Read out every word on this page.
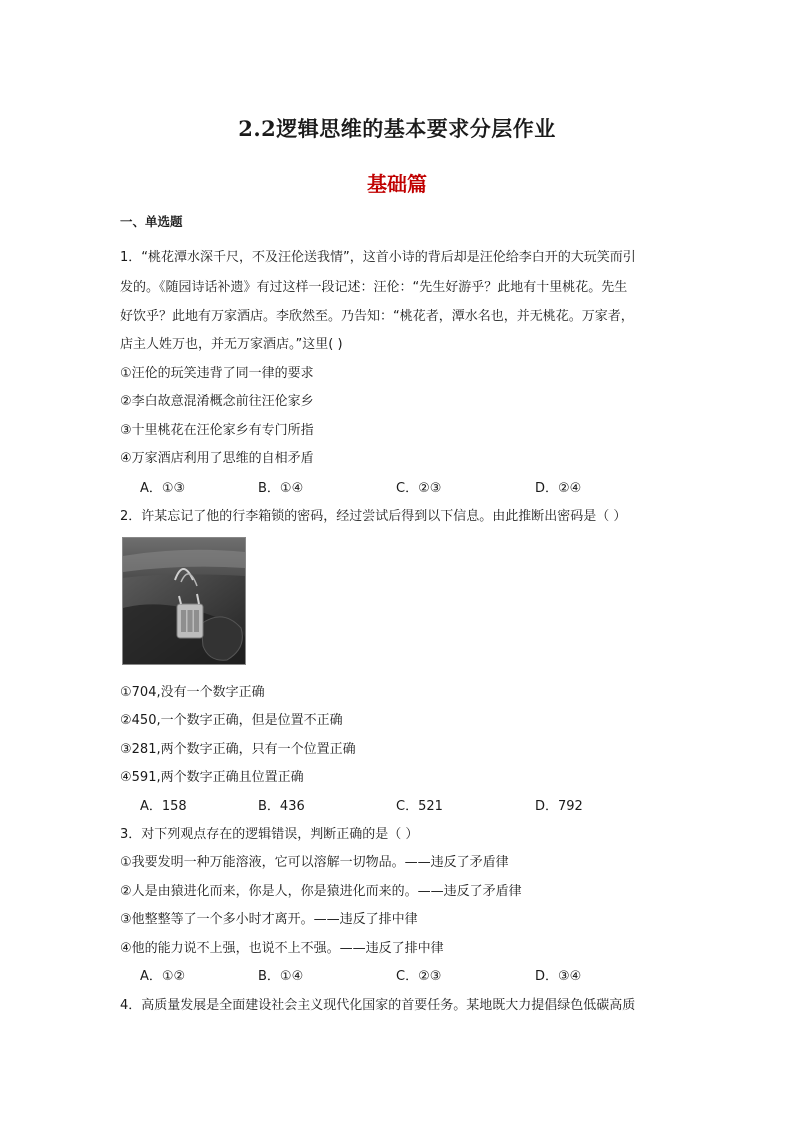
2.2逻辑思维的基本要求分层作业
基础篇
一、单选题
1．“桃花潭水深千尺，不及汪伦送我情”，这首小诗的背后却是汪伦给李白开的大玩笑而引
发的。《随园诗话补遗》有过这样一段记述：汪伦：“先生好游乎？此地有十里桃花。先生
好饮乎？此地有万家酒店。李欣然至。乃告知：“桃花者，潭水名也，并无桃花。万家者，
店主人姓万也，并无万家酒店。”这里( )
①汪伦的玩笑违背了同一律的要求
②李白故意混淆概念前往汪伦家乡
③十里桃花在汪伦家乡有专门所指
④万家酒店利用了思维的自相矛盾
A．①③	B．①④	C．②③	D．②④
2．许某忘记了他的行李箱锁的密码，经过尝试后得到以下信息。由此推断出密码是（ ）
①704,没有一个数字正确
②450,一个数字正确，但是位置不正确
③281,两个数字正确，只有一个位置正确
④591,两个数字正确且位置正确
A．158	B．436	C．521	D．792
3．对下列观点存在的逻辑错误，判断正确的是（ ）
①我要发明一种万能溶液，它可以溶解一切物品。——违反了矛盾律
②人是由猿进化而来，你是人，你是猿进化而来的。——违反了矛盾律
③他整整等了一个多小时才离开。——违反了排中律
④他的能力说不上强，也说不上不强。——违反了排中律
A．①②	B．①④	C．②③	D．③④
4．高质量发展是全面建设社会主义现代化国家的首要任务。某地既大力提倡绿色低碳高质
